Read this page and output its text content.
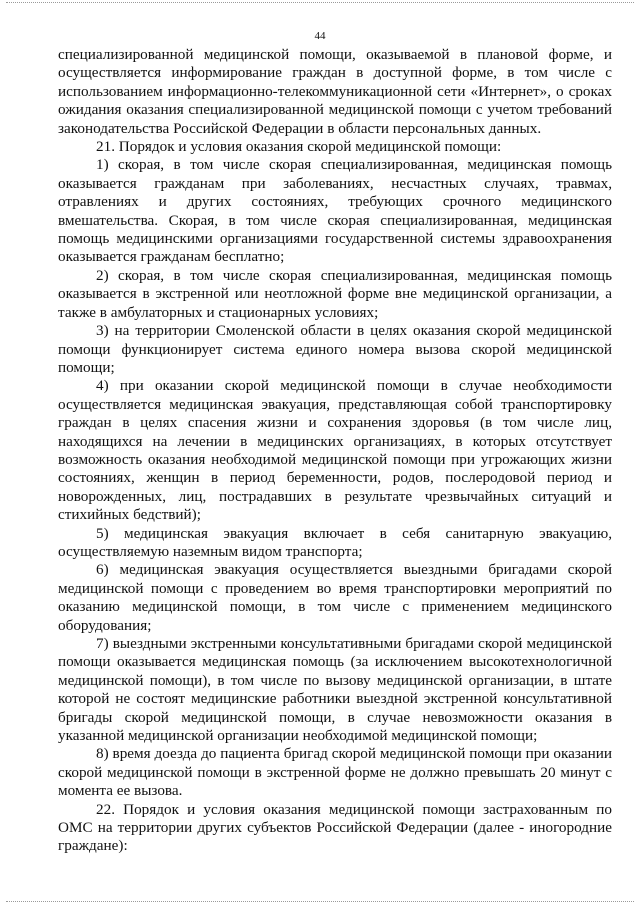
44

специализированной медицинской помощи, оказываемой в плановой форме, и осуществляется информирование граждан в доступной форме, в том числе с использованием информационно-телекоммуникационной сети «Интернет», о сроках ожидания оказания специализированной медицинской помощи с учетом требований законодательства Российской Федерации в области персональных данных.

21. Порядок и условия оказания скорой медицинской помощи:

1) скорая, в том числе скорая специализированная, медицинская помощь оказывается гражданам при заболеваниях, несчастных случаях, травмах, отравлениях и других состояниях, требующих срочного медицинского вмешательства. Скорая, в том числе скорая специализированная, медицинская помощь медицинскими организациями государственной системы здравоохранения оказывается гражданам бесплатно;

2) скорая, в том числе скорая специализированная, медицинская помощь оказывается в экстренной или неотложной форме вне медицинской организации, а также в амбулаторных и стационарных условиях;

3) на территории Смоленской области в целях оказания скорой медицинской помощи функционирует система единого номера вызова скорой медицинской помощи;

4) при оказании скорой медицинской помощи в случае необходимости осуществляется медицинская эвакуация, представляющая собой транспортировку граждан в целях спасения жизни и сохранения здоровья (в том числе лиц, находящихся на лечении в медицинских организациях, в которых отсутствует возможность оказания необходимой медицинской помощи при угрожающих жизни состояниях, женщин в период беременности, родов, послеродовой период и новорожденных, лиц, пострадавших в результате чрезвычайных ситуаций и стихийных бедствий);

5) медицинская эвакуация включает в себя санитарную эвакуацию, осуществляемую наземным видом транспорта;

6) медицинская эвакуация осуществляется выездными бригадами скорой медицинской помощи с проведением во время транспортировки мероприятий по оказанию медицинской помощи, в том числе с применением медицинского оборудования;

7) выездными экстренными консультативными бригадами скорой медицинской помощи оказывается медицинская помощь (за исключением высокотехнологичной медицинской помощи), в том числе по вызову медицинской организации, в штате которой не состоят медицинские работники выездной экстренной консультативной бригады скорой медицинской помощи, в случае невозможности оказания в указанной медицинской организации необходимой медицинской помощи;

8) время доезда до пациента бригад скорой медицинской помощи при оказании скорой медицинской помощи в экстренной форме не должно превышать 20 минут с момента ее вызова.

22. Порядок и условия оказания медицинской помощи застрахованным по ОМС на территории других субъектов Российской Федерации (далее - иногородние граждане):
